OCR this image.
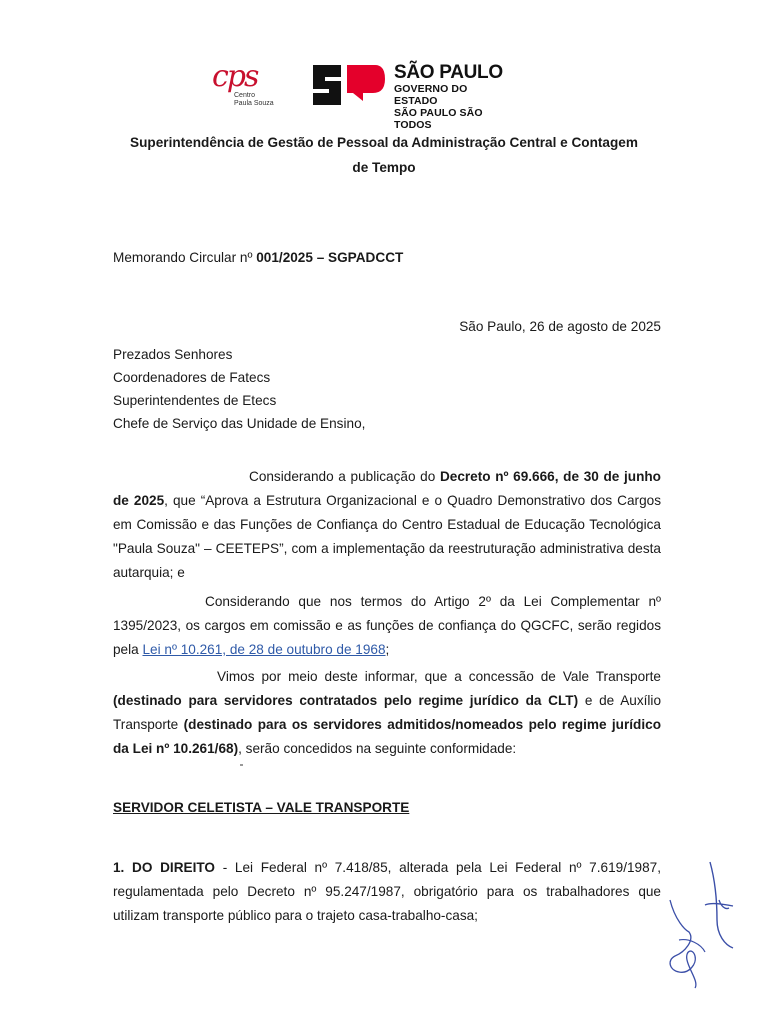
cps
Centro
Paula Souza
SÃO PAULO
GOVERNO DO ESTADO
SÃO PAULO SÃO TODOS
Superintendência de Gestão de Pessoal da Administração Central e Contagem
de Tempo

Memorando Circular nº 001/2025 – SGPADCCT

São Paulo, 26 de agosto de 2025

Prezados Senhores
Coordenadores de Fatecs
Superintendentes de Etecs
Chefe de Serviço das Unidade de Ensino,

Considerando a publicação do Decreto nº 69.666, de 30 de junho de 2025, que “Aprova a Estrutura Organizacional e o Quadro Demonstrativo dos Cargos em Comissão e das Funções de Confiança do Centro Estadual de Educação Tecnológica "Paula Souza" – CEETEPS”, com a implementação da reestruturação administrativa desta autarquia; e

Considerando que nos termos do Artigo 2º da Lei Complementar nº 1395/2023, os cargos em comissão e as funções de confiança do QGCFC, serão regidos pela Lei nº 10.261, de 28 de outubro de 1968;

Vimos por meio deste informar, que a concessão de Vale Transporte (destinado para servidores contratados pelo regime jurídico da CLT) e de Auxílio Transporte (destinado para os servidores admitidos/nomeados pelo regime jurídico da Lei nº 10.261/68), serão concedidos na seguinte conformidade:

SERVIDOR CELETISTA – VALE TRANSPORTE

1. DO DIREITO - Lei Federal nº 7.418/85, alterada pela Lei Federal nº 7.619/1987, regulamentada pelo Decreto nº 95.247/1987, obrigatório para os trabalhadores que utilizam transporte público para o trajeto casa-trabalho-casa;
